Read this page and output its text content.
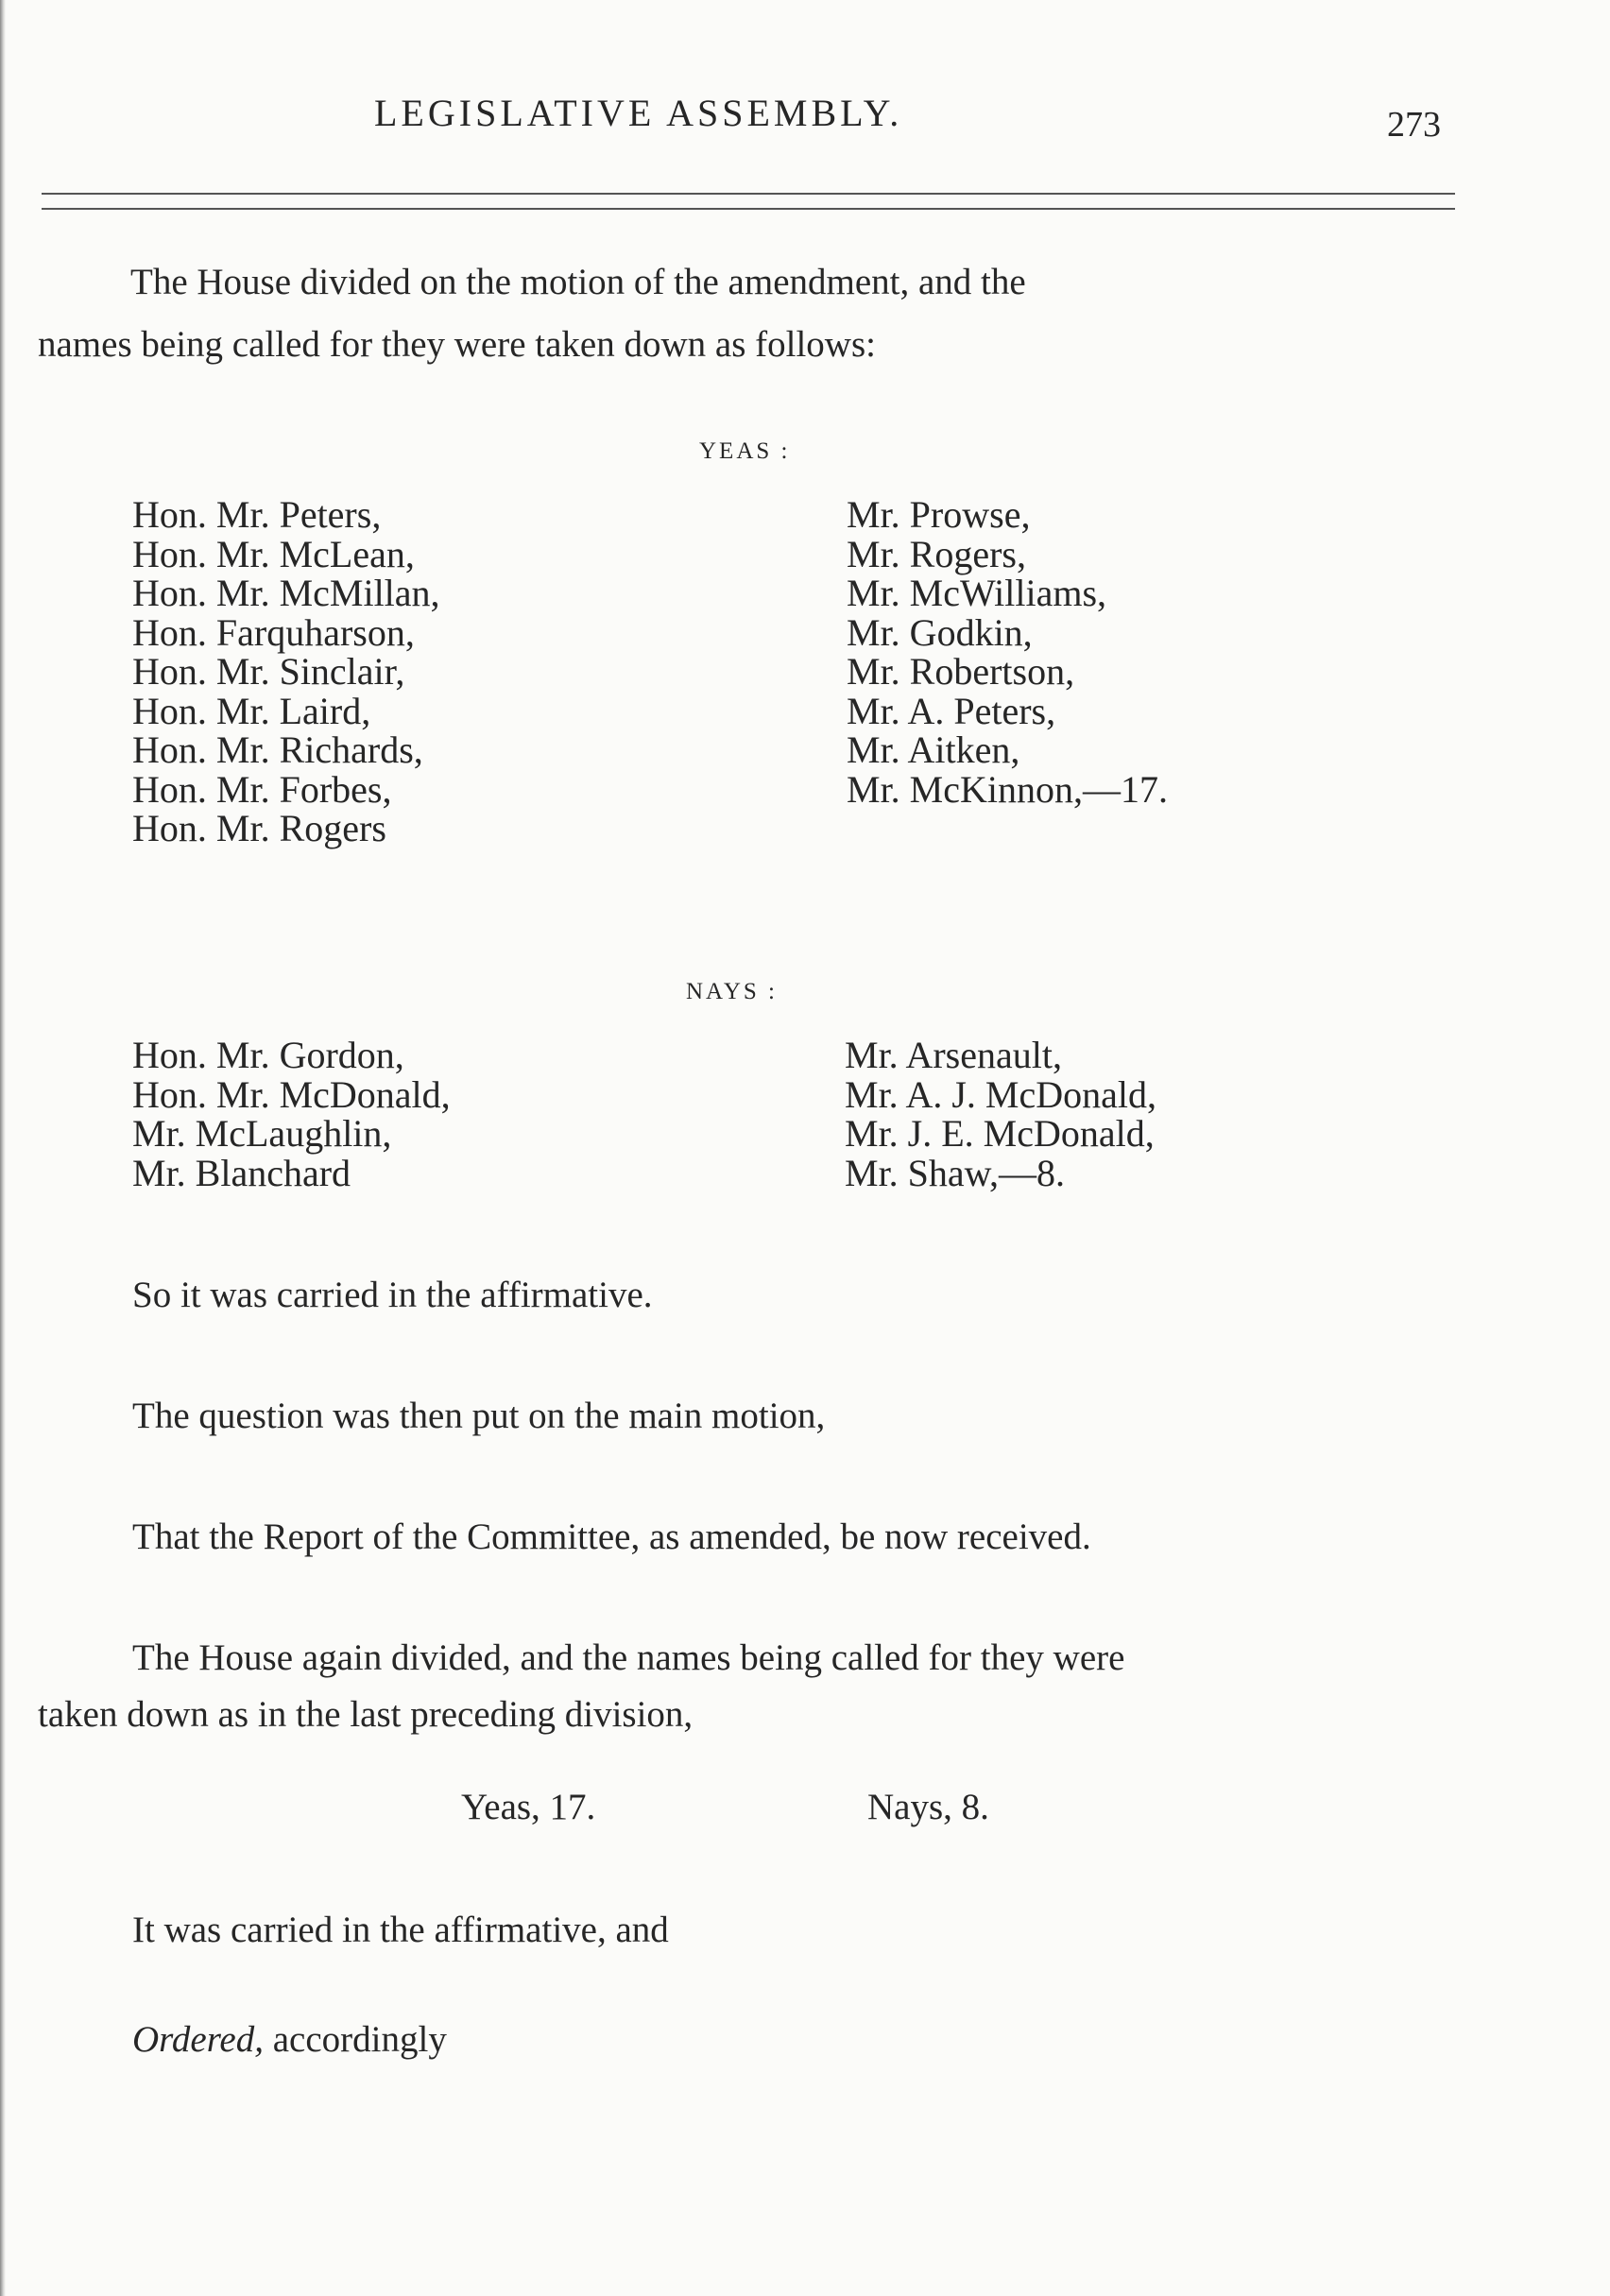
LEGISLATIVE ASSEMBLY.	273
The House divided on the motion of the amendment, and the
names being called for they were taken down as follows:
YEAS :
Hon. Mr. Peters,
Hon. Mr. McLean,
Hon. Mr. McMillan,
Hon. Farquharson,
Hon. Mr. Sinclair,
Hon. Mr. Laird,
Hon. Mr. Richards,
Hon. Mr. Forbes,
Hon. Mr. Rogers
Mr. Prowse,
Mr. Rogers,
Mr. McWilliams,
Mr. Godkin,
Mr. Robertson,
Mr. A. Peters,
Mr. Aitken,
Mr. McKinnon,—17.
NAYS :
Hon. Mr. Gordon,
Hon. Mr. McDonald,
Mr. McLaughlin,
Mr. Blanchard
Mr. Arsenault,
Mr. A. J. McDonald,
Mr. J. E. McDonald,
Mr. Shaw,—8.
So it was carried in the affirmative.
The question was then put on the main motion,
That the Report of the Committee, as amended, be now received.
The House again divided, and the names being called for they were
taken down as in the last preceding division,
Yeas, 17.	Nays, 8.
It was carried in the affirmative, and
Ordered, accordingly
